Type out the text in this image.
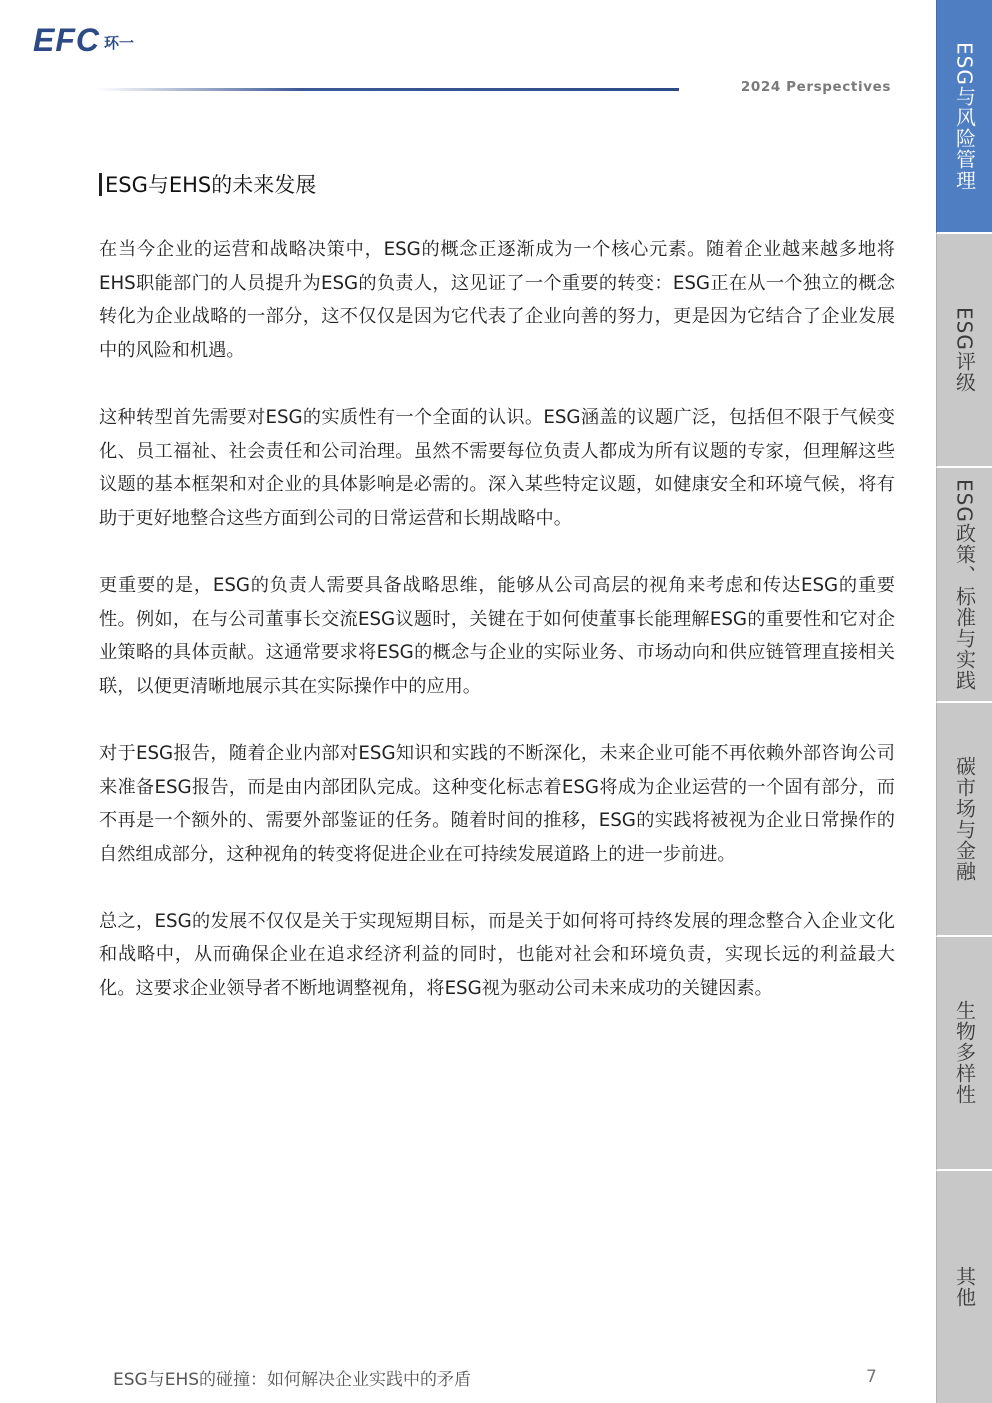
EFC 环一
2024 Perspectives
ESG与EHS的未来发展

在当今企业的运营和战略决策中，ESG的概念正逐渐成为一个核心元素。随着企业越来越多地将EHS职能部门的人员提升为ESG的负责人，这见证了一个重要的转变：ESG正在从一个独立的概念转化为企业战略的一部分，这不仅仅是因为它代表了企业向善的努力，更是因为它结合了企业发展中的风险和机遇。

这种转型首先需要对ESG的实质性有一个全面的认识。ESG涵盖的议题广泛，包括但不限于气候变化、员工福祉、社会责任和公司治理。虽然不需要每位负责人都成为所有议题的专家，但理解这些议题的基本框架和对企业的具体影响是必需的。深入某些特定议题，如健康安全和环境气候，将有助于更好地整合这些方面到公司的日常运营和长期战略中。

更重要的是，ESG的负责人需要具备战略思维，能够从公司高层的视角来考虑和传达ESG的重要性。例如，在与公司董事长交流ESG议题时，关键在于如何使董事长能理解ESG的重要性和它对企业策略的具体贡献。这通常要求将ESG的概念与企业的实际业务、市场动向和供应链管理直接相关联，以便更清晰地展示其在实际操作中的应用。

对于ESG报告，随着企业内部对ESG知识和实践的不断深化，未来企业可能不再依赖外部咨询公司来准备ESG报告，而是由内部团队完成。这种变化标志着ESG将成为企业运营的一个固有部分，而不再是一个额外的、需要外部鉴证的任务。随着时间的推移，ESG的实践将被视为企业日常操作的自然组成部分，这种视角的转变将促进企业在可持续发展道路上的进一步前进。

总之，ESG的发展不仅仅是关于实现短期目标，而是关于如何将可持终发展的理念整合入企业文化和战略中，从而确保企业在追求经济利益的同时，也能对社会和环境负责，实现长远的利益最大化。这要求企业领导者不断地调整视角，将ESG视为驱动公司未来成功的关键因素。

ESG与EHS的碰撞：如何解决企业实践中的矛盾	7
ESG与风险管理
ESG评级
ESG政策、标准与实践
碳市场与金融
生物多样性
其他
